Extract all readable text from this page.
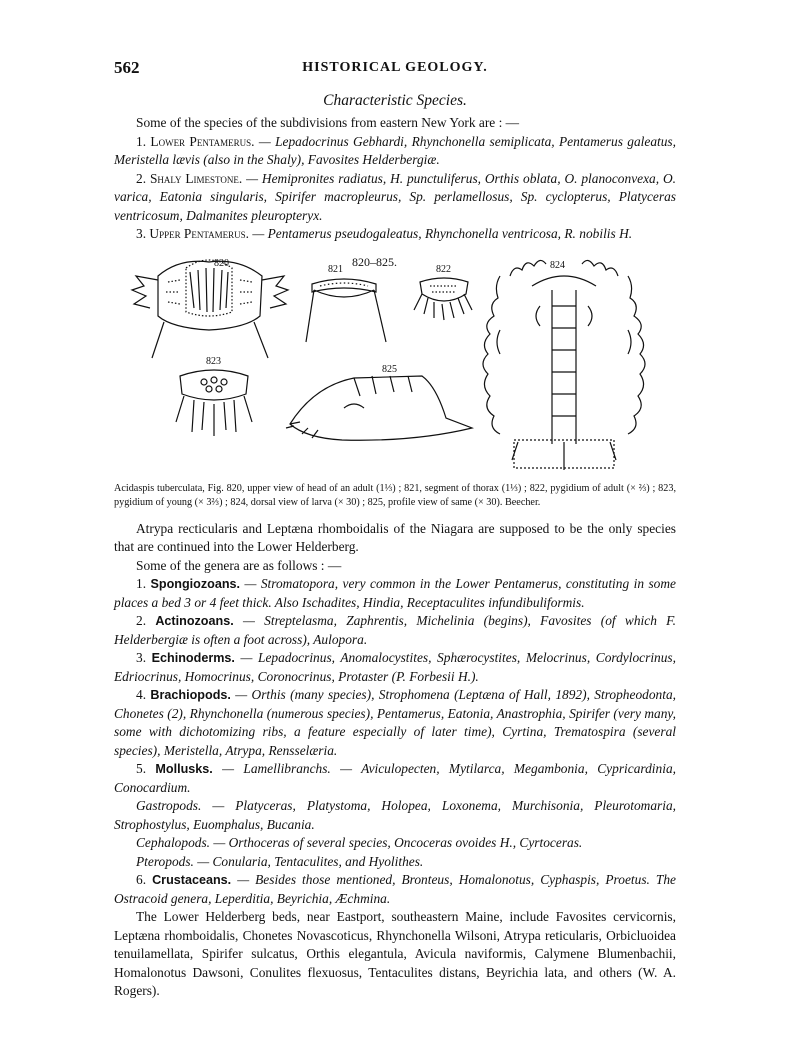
562	HISTORICAL GEOLOGY.
Characteristic Species.

Some of the species of the subdivisions from eastern New York are : —

1. Lower Pentamerus. — Lepadocrinus Gebhardi, Rhynchonella semiplicata, Pentamerus galeatus, Meristella lævis (also in the Shaly), Favosites Helderbergiæ.

2. Shaly Limestone. — Hemipronites radiatus, H. punctuliferus, Orthis oblata, O. planoconvexa, O. varica, Eatonia singularis, Spirifer macropleurus, Sp. perlamellosus, Sp. cyclopterus, Platyceras ventricosum, Dalmanites pleuropteryx.

3. Upper Pentamerus. — Pentamerus pseudogaleatus, Rhynchonella ventricosa, R. nobilis H.

820
821
820–825.
822	824
823
825
Acidaspis tuberculata, Fig. 820, upper view of head of an adult (1⅓) ; 821, segment of thorax (1⅓) ; 822, pygidium of adult (× ⅔) ; 823, pygidium of young (× 3⅔) ; 824, dorsal view of larva (× 30) ; 825, profile view of same (× 30). Beecher.

Atrypa recticularis and Leptæna rhomboidalis of the Niagara are supposed to be the only species that are continued into the Lower Helderberg.

Some of the genera are as follows : —

1. Spongiozoans. — Stromatopora, very common in the Lower Pentamerus, constituting in some places a bed 3 or 4 feet thick. Also Ischadites, Hindia, Receptaculites infundibuliformis.

2. Actinozoans. — Streptelasma, Zaphrentis, Michelinia (begins), Favosites (of which F. Helderbergiæ is often a foot across), Aulopora.

3. Echinoderms. — Lepadocrinus, Anomalocystites, Sphærocystites, Melocrinus, Cordylocrinus, Edriocrinus, Homocrinus, Coronocrinus, Protaster (P. Forbesii H.).

4. Brachiopods. — Orthis (many species), Strophomena (Leptæna of Hall, 1892), Stropheodonta, Chonetes (2), Rhynchonella (numerous species), Pentamerus, Eatonia, Anastrophia, Spirifer (very many, some with dichotomizing ribs, a feature especially of later time), Cyrtina, Trematospira (several species), Meristella, Atrypa, Rensselæria.

5. Mollusks. — Lamellibranchs. — Aviculopecten, Mytilarca, Megambonia, Cypricardinia, Conocardium.

Gastropods. — Platyceras, Platystoma, Holopea, Loxonema, Murchisonia, Pleurotomaria, Strophostylus, Euomphalus, Bucania.

Cephalopods. — Orthoceras of several species, Oncoceras ovoides H., Cyrtoceras.

Pteropods. — Conularia, Tentaculites, and Hyolithes.

6. Crustaceans. — Besides those mentioned, Bronteus, Homalonotus, Cyphaspis, Proetus. The Ostracoid genera, Leperditia, Beyrichia, Æchmina.

The Lower Helderberg beds, near Eastport, southeastern Maine, include Favosites cervicornis, Leptæna rhomboidalis, Chonetes Novascoticus, Rhynchonella Wilsoni, Atrypa reticularis, Orbicluoidea tenuilamellata, Spirifer sulcatus, Orthis elegantula, Avicula naviformis, Calymene Blumenbachii, Homalonotus Dawsoni, Conulites flexuosus, Tentaculites distans, Beyrichia lata, and others (W. A. Rogers).
